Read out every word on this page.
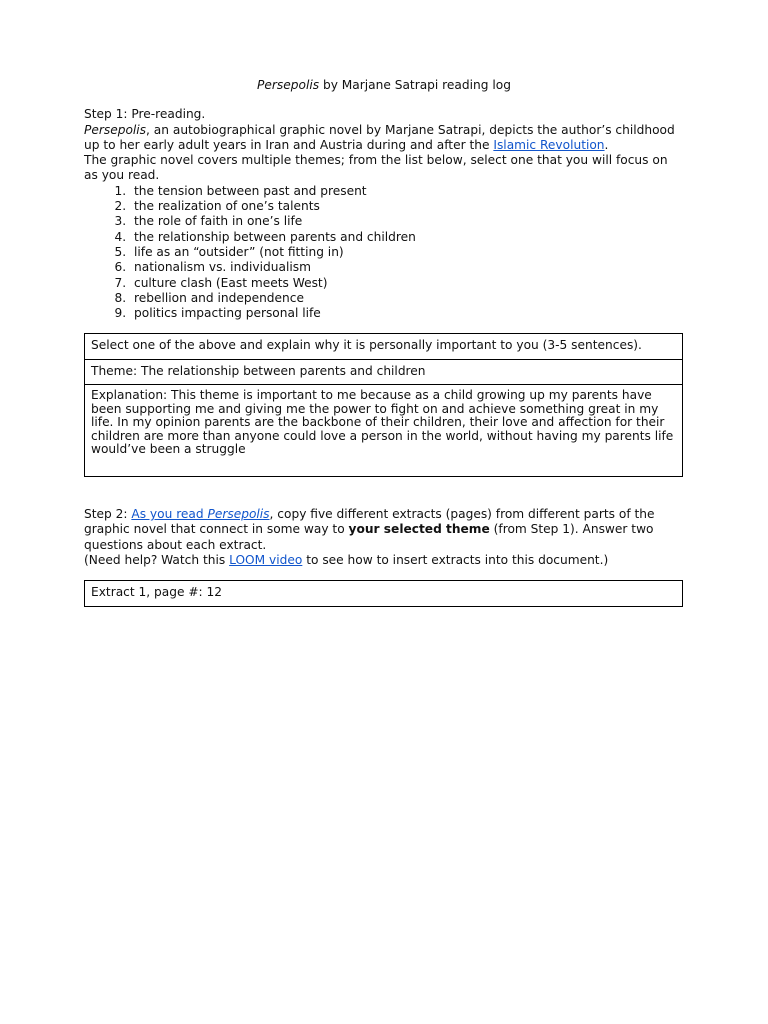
Persepolis by Marjane Satrapi reading log

Step 1: Pre-reading.

Persepolis, an autobiographical graphic novel by Marjane Satrapi, depicts the author’s childhood up to her early adult years in Iran and Austria during and after the Islamic Revolution.

The graphic novel covers multiple themes; from the list below, select one that you will focus on as you read.

1. the tension between past and present
2. the realization of one’s talents
3. the role of faith in one’s life
4. the relationship between parents and children
5. life as an “outsider” (not fitting in)
6. nationalism vs. individualism
7. culture clash (East meets West)
8. rebellion and independence
9. politics impacting personal life
Select one of the above and explain why it is personally important to you (3-5 sentences).
Theme: The relationship between parents and children
Explanation: This theme is important to me because as a child growing up my parents have been supporting me and giving me the power to fight on and achieve something great in my life. In my opinion parents are the backbone of their children, their love and affection for their children are more than anyone could love a person in the world, without having my parents life would’ve been a struggle

Step 2: As you read Persepolis, copy five different extracts (pages) from different parts of the graphic novel that connect in some way to your selected theme (from Step 1). Answer two questions about each extract.

(Need help? Watch this LOOM video to see how to insert extracts into this document.)

Extract 1, page #: 12
